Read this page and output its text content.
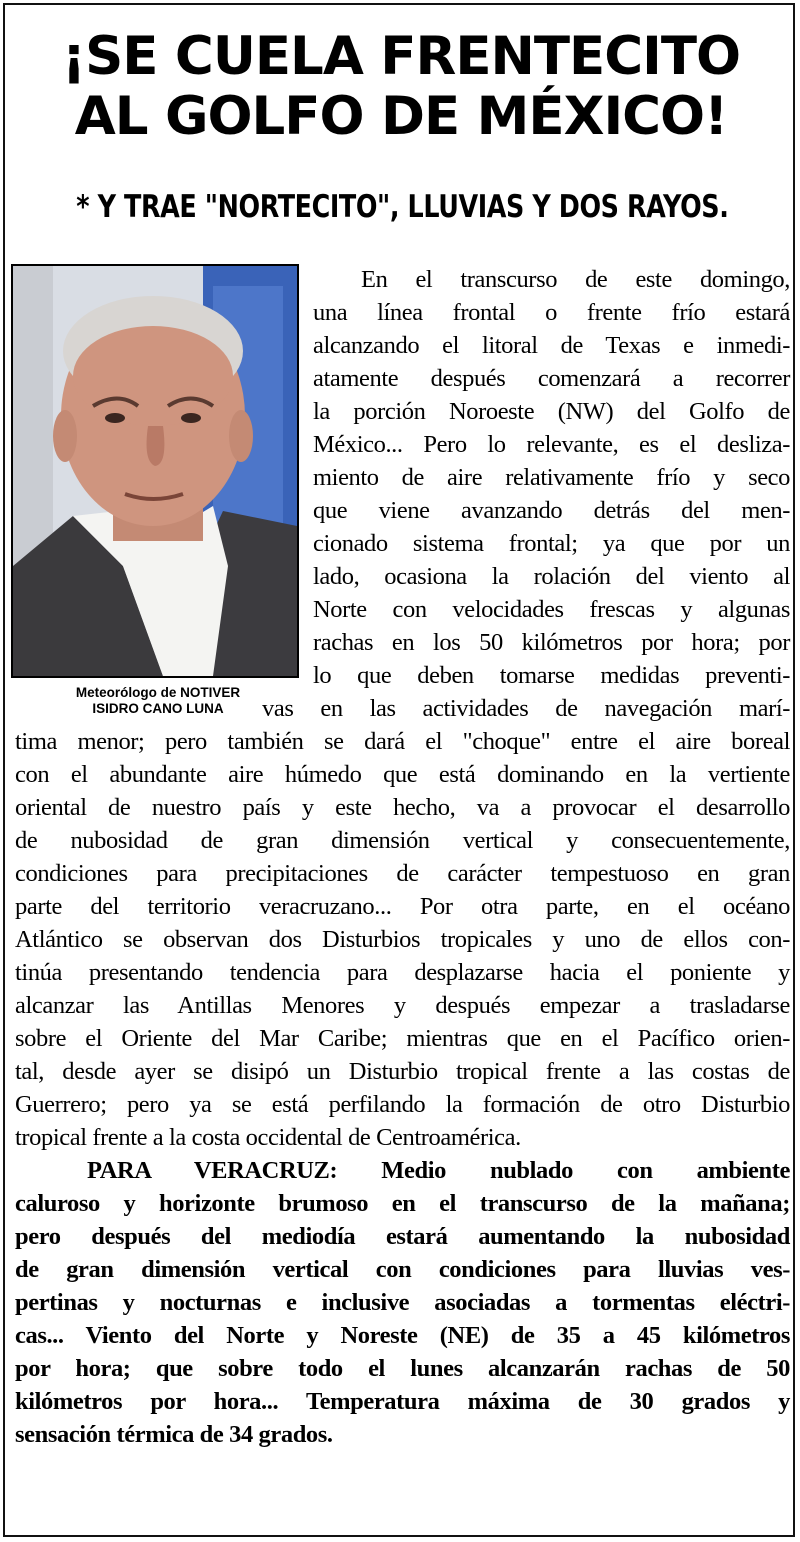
¡SE CUELA FRENTECITO
AL GOLFO DE MÉXICO!
* Y TRAE "NORTECITO", LLUVIAS Y DOS RAYOS.
Meteorólogo de NOTIVER
ISIDRO CANO LUNA
En el transcurso de este domingo,
una línea frontal o frente frío estará
alcanzando el litoral de Texas e inmedi-
atamente después comenzará a recorrer
la porción Noroeste (NW) del Golfo de
México... Pero lo relevante, es el desliza-
miento de aire relativamente frío y seco
que viene avanzando detrás del men-
cionado sistema frontal; ya que por un
lado, ocasiona la rolación del viento al
Norte con velocidades frescas y algunas
rachas en los 50 kilómetros por hora; por
lo que deben tomarse medidas preventi-
vas en las actividades de navegación marí-
tima menor; pero también se dará el "choque" entre el aire boreal
con el abundante aire húmedo que está dominando en la vertiente
oriental de nuestro país y este hecho, va a provocar el desarrollo
de nubosidad de gran dimensión vertical y consecuentemente,
condiciones para precipitaciones de carácter tempestuoso en gran
parte del territorio veracruzano... Por otra parte, en el océano
Atlántico se observan dos Disturbios tropicales y uno de ellos con-
tinúa presentando tendencia para desplazarse hacia el poniente y
alcanzar las Antillas Menores y después empezar a trasladarse
sobre el Oriente del Mar Caribe; mientras que en el Pacífico orien-
tal, desde ayer se disipó un Disturbio tropical frente a las costas de
Guerrero; pero ya se está perfilando la formación de otro Disturbio
tropical frente a la costa occidental de Centroamérica.
PARA VERACRUZ: Medio nublado con ambiente
caluroso y horizonte brumoso en el transcurso de la mañana;
pero después del mediodía estará aumentando la nubosidad
de gran dimensión vertical con condiciones para lluvias ves-
pertinas y nocturnas e inclusive asociadas a tormentas eléctri-
cas... Viento del Norte y Noreste (NE) de 35 a 45 kilómetros
por hora; que sobre todo el lunes alcanzarán rachas de 50
kilómetros por hora... Temperatura máxima de 30 grados y
sensación térmica de 34 grados.
